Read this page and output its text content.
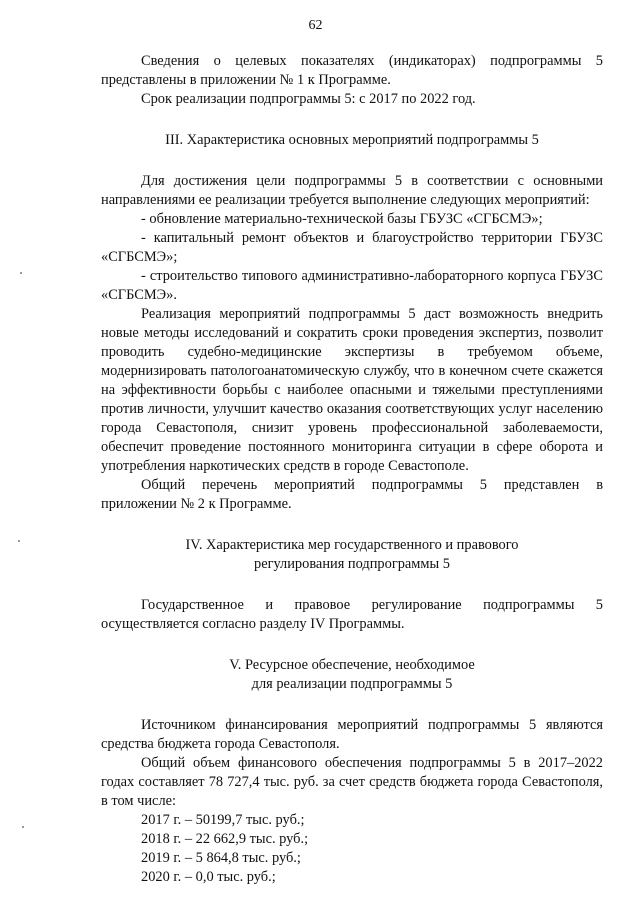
62

Сведения о целевых показателях (индикаторах) подпрограммы 5 представлены в приложении № 1 к Программе.

Срок реализации подпрограммы 5: с 2017 по 2022 год.

III. Характеристика основных мероприятий подпрограммы 5

Для достижения цели подпрограммы 5 в соответствии с основными направлениями ее реализации требуется выполнение следующих мероприятий:

- обновление материально-технической базы ГБУЗС «СГБСМЭ»;

- капитальный ремонт объектов и благоустройство территории ГБУЗС «СГБСМЭ»;

- строительство типового административно-лабораторного корпуса ГБУЗС «СГБСМЭ».

Реализация мероприятий подпрограммы 5 даст возможность внедрить новые методы исследований и сократить сроки проведения экспертиз, позволит проводить судебно-медицинские экспертизы в требуемом объеме, модернизировать патологоанатомическую службу, что в конечном счете скажется на эффективности борьбы с наиболее опасными и тяжелыми преступлениями против личности, улучшит качество оказания соответствующих услуг населению города Севастополя, снизит уровень профессиональной заболеваемости, обеспечит проведение постоянного мониторинга ситуации в сфере оборота и употребления наркотических средств в городе Севастополе.

Общий перечень мероприятий подпрограммы 5 представлен в приложении № 2 к Программе.

IV. Характеристика мер государственного и правового
регулирования подпрограммы 5

Государственное и правовое регулирование подпрограммы 5 осуществляется согласно разделу IV Программы.

V. Ресурсное обеспечение, необходимое
для реализации подпрограммы 5

Источником финансирования мероприятий подпрограммы 5 являются средства бюджета города Севастополя.

Общий объем финансового обеспечения подпрограммы 5 в 2017–2022 годах составляет 78 727,4 тыс. руб. за счет средств бюджета города Севастополя, в том числе:

2017 г. – 50199,7 тыс. руб.;

2018 г. – 22 662,9 тыс. руб.;

2019 г. – 5 864,8 тыс. руб.;

2020 г. – 0,0 тыс. руб.;
